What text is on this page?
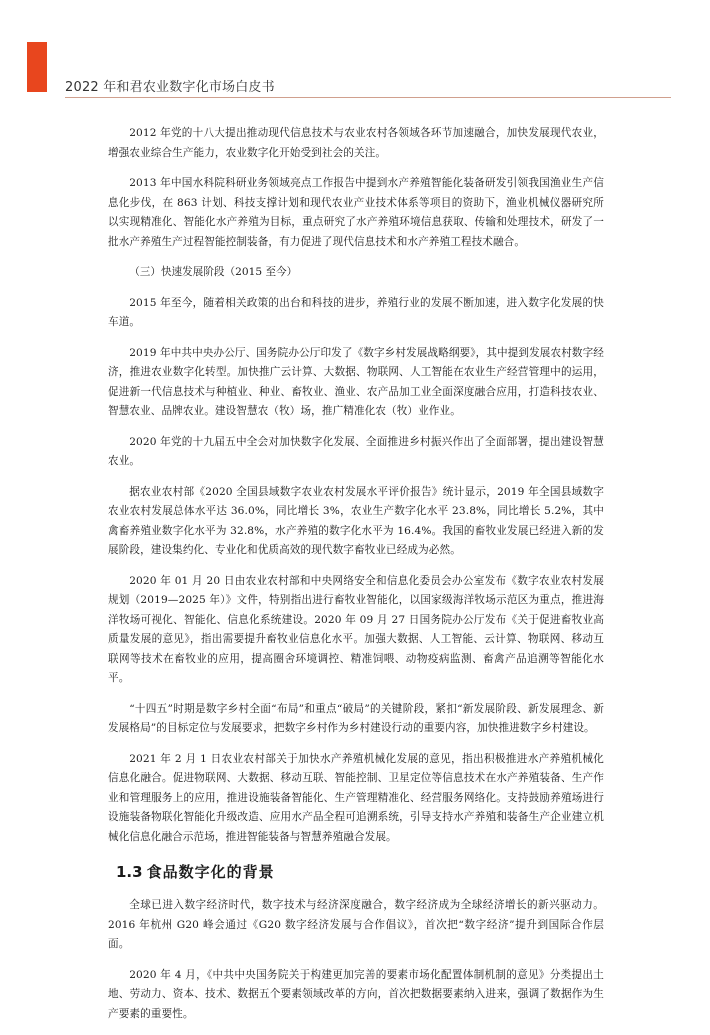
2022 年和君农业数字化市场白皮书

2012 年党的十八大提出推动现代信息技术与农业农村各领域各环节加速融合，加快发展现代农业，增强农业综合生产能力，农业数字化开始受到社会的关注。

2013 年中国水科院科研业务领域亮点工作报告中提到水产养殖智能化装备研发引领我国渔业生产信息化步伐，在 863 计划、科技支撑计划和现代农业产业技术体系等项目的资助下，渔业机械仪器研究所以实现精准化、智能化水产养殖为目标，重点研究了水产养殖环境信息获取、传输和处理技术，研发了一批水产养殖生产过程智能控制装备，有力促进了现代信息技术和水产养殖工程技术融合。

（三）快速发展阶段（2015 至今）

2015 年至今，随着相关政策的出台和科技的进步，养殖行业的发展不断加速，进入数字化发展的快车道。

2019 年中共中央办公厅、国务院办公厅印发了《数字乡村发展战略纲要》，其中提到发展农村数字经济，推进农业数字化转型。加快推广云计算、大数据、物联网、人工智能在农业生产经营管理中的运用，促进新一代信息技术与种植业、种业、畜牧业、渔业、农产品加工业全面深度融合应用，打造科技农业、智慧农业、品牌农业。建设智慧农（牧）场，推广精准化农（牧）业作业。

2020 年党的十九届五中全会对加快数字化发展、全面推进乡村振兴作出了全面部署，提出建设智慧农业。

据农业农村部《2020 全国县域数字农业农村发展水平评价报告》统计显示，2019 年全国县域数字农业农村发展总体水平达 36.0%，同比增长 3%，农业生产数字化水平 23.8%，同比增长 5.2%，其中禽畜养殖业数字化水平为 32.8%，水产养殖的数字化水平为 16.4%。我国的畜牧业发展已经进入新的发展阶段，建设集约化、专业化和优质高效的现代数字畜牧业已经成为必然。

2020 年 01 月 20 日由农业农村部和中央网络安全和信息化委员会办公室发布《数字农业农村发展规划（2019—2025 年）》文件，特别指出进行畜牧业智能化，以国家级海洋牧场示范区为重点，推进海洋牧场可视化、智能化、信息化系统建设。2020 年 09 月 27 日国务院办公厅发布《关于促进畜牧业高质量发展的意见》，指出需要提升畜牧业信息化水平。加强大数据、人工智能、云计算、物联网、移动互联网等技术在畜牧业的应用，提高圈舍环境调控、精准饲喂、动物疫病监测、畜禽产品追溯等智能化水平。

“十四五”时期是数字乡村全面“布局”和重点“破局”的关键阶段，紧扣“新发展阶段、新发展理念、新发展格局”的目标定位与发展要求，把数字乡村作为乡村建设行动的重要内容，加快推进数字乡村建设。

2021 年 2 月 1 日农业农村部关于加快水产养殖机械化发展的意见，指出积极推进水产养殖机械化信息化融合。促进物联网、大数据、移动互联、智能控制、卫星定位等信息技术在水产养殖装备、生产作业和管理服务上的应用，推进设施装备智能化、生产管理精准化、经营服务网络化。支持鼓励养殖场进行设施装备物联化智能化升级改造、应用水产品全程可追溯系统，引导支持水产养殖和装备生产企业建立机械化信息化融合示范场，推进智能装备与智慧养殖融合发展。

1.3 食品数字化的背景

全球已进入数字经济时代，数字技术与经济深度融合，数字经济成为全球经济增长的新兴驱动力。2016 年杭州 G20 峰会通过《G20 数字经济发展与合作倡议》，首次把“数字经济”提升到国际合作层面。

2020 年 4 月，《中共中央国务院关于构建更加完善的要素市场化配置体制机制的意见》分类提出土地、劳动力、资本、技术、数据五个要素领域改革的方向，首次把数据要素纳入进来，强调了数据作为生产要素的重要性。
